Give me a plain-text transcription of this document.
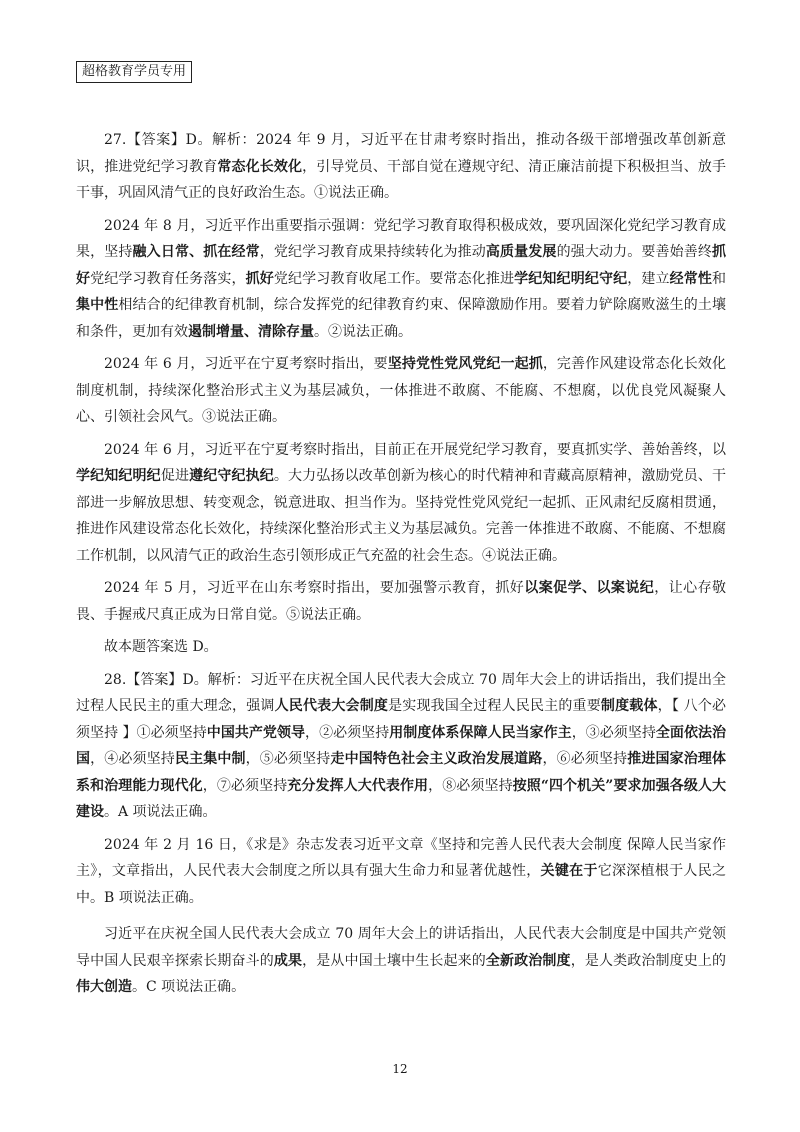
超格教育学员专用

27.【答案】D。解析：2024 年 9 月，习近平在甘肃考察时指出，推动各级干部增强改革创新意识，推进党纪学习教育常态化长效化，引导党员、干部自觉在遵规守纪、清正廉洁前提下积极担当、放手干事，巩固风清气正的良好政治生态。①说法正确。

2024 年 8 月，习近平作出重要指示强调：党纪学习教育取得积极成效，要巩固深化党纪学习教育成果，坚持融入日常、抓在经常，党纪学习教育成果持续转化为推动高质量发展的强大动力。要善始善终抓好党纪学习教育任务落实，抓好党纪学习教育收尾工作。要常态化推进学纪知纪明纪守纪，建立经常性和集中性相结合的纪律教育机制，综合发挥党的纪律教育约束、保障激励作用。要着力铲除腐败滋生的土壤和条件，更加有效遏制增量、清除存量。②说法正确。

2024 年 6 月，习近平在宁夏考察时指出，要坚持党性党风党纪一起抓，完善作风建设常态化长效化制度机制，持续深化整治形式主义为基层减负，一体推进不敢腐、不能腐、不想腐，以优良党风凝聚人心、引领社会风气。③说法正确。

2024 年 6 月，习近平在宁夏考察时指出，目前正在开展党纪学习教育，要真抓实学、善始善终，以学纪知纪明纪促进遵纪守纪执纪。大力弘扬以改革创新为核心的时代精神和青藏高原精神，激励党员、干部进一步解放思想、转变观念，锐意进取、担当作为。坚持党性党风党纪一起抓、正风肃纪反腐相贯通，推进作风建设常态化长效化，持续深化整治形式主义为基层减负。完善一体推进不敢腐、不能腐、不想腐工作机制，以风清气正的政治生态引领形成正气充盈的社会生态。④说法正确。

2024 年 5 月，习近平在山东考察时指出，要加强警示教育，抓好以案促学、以案说纪，让心存敬畏、手握戒尺真正成为日常自觉。⑤说法正确。

故本题答案选 D。

28.【答案】D。解析：习近平在庆祝全国人民代表大会成立 70 周年大会上的讲话指出，我们提出全过程人民民主的重大理念，强调人民代表大会制度是实现我国全过程人民民主的重要制度载体，【 八个必须坚持 】①必须坚持中国共产党领导，②必须坚持用制度体系保障人民当家作主，③必须坚持全面依法治国，④必须坚持民主集中制，⑤必须坚持走中国特色社会主义政治发展道路，⑥必须坚持推进国家治理体系和治理能力现代化，⑦必须坚持充分发挥人大代表作用，⑧必须坚持按照“四个机关”要求加强各级人大建设。A 项说法正确。

2024 年 2 月 16 日，《求是》杂志发表习近平文章《坚持和完善人民代表大会制度 保障人民当家作主》，文章指出，人民代表大会制度之所以具有强大生命力和显著优越性，关键在于它深深植根于人民之中。B 项说法正确。

习近平在庆祝全国人民代表大会成立 70 周年大会上的讲话指出，人民代表大会制度是中国共产党领导中国人民艰辛探索长期奋斗的成果，是从中国土壤中生长起来的全新政治制度，是人类政治制度史上的伟大创造。C 项说法正确。

12
